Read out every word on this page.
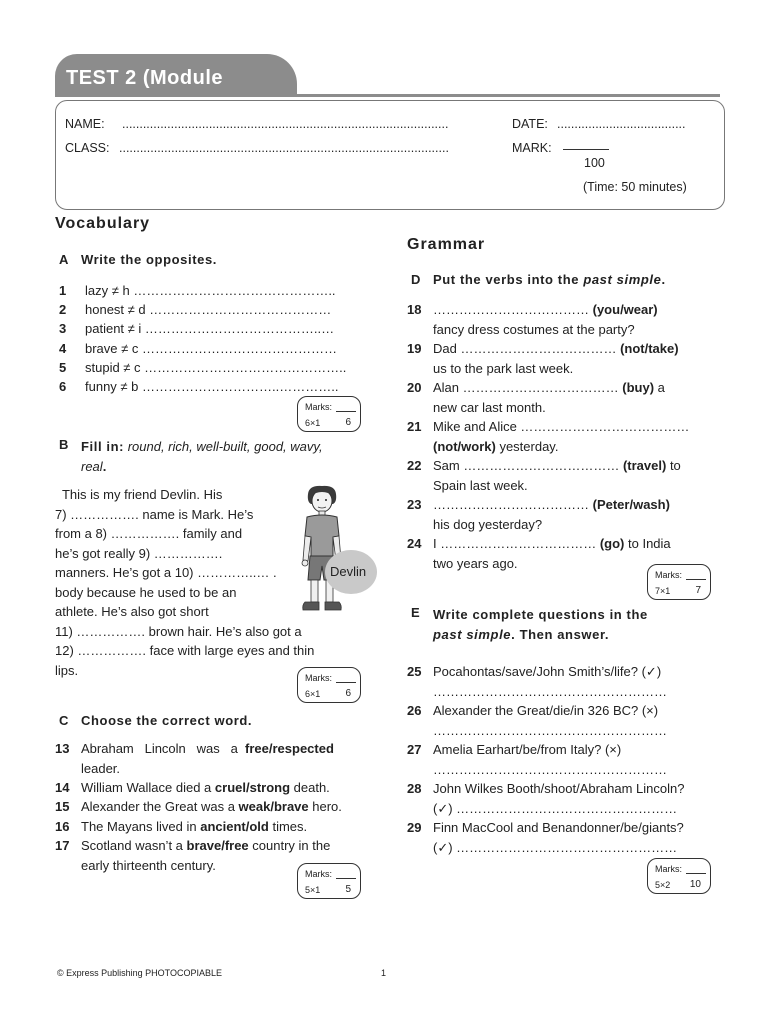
TEST 2 (Module
NAME: ..............................................................................................	DATE: .....................................
CLASS: ...............................................................................................	MARK:
100
(Time: 50 minutes)
Vocabulary
A Write the opposites.
1 lazy ≠ h ………………………………………..
2 honest ≠ d ……………………………………
3 patient ≠ i …………………………………..…
4 brave ≠ c ………………………………………
5 stupid ≠ c ………………………………………..
6 funny ≠ b …………………………..…………..
Marks:
6×1	6
B Fill in: round, rich, well-built, good, wavy,
real.
This is my friend Devlin. His
7) ……………. name is Mark. He’s
from a 8) ……………. family and
he’s got really 9) …………….
manners. He’s got a 10) …………..… .
body because he used to be an
athlete. He’s also got short
11) ……………. brown hair. He’s also got a
12) ……………. face with large eyes and thin
lips.
Devlin
Marks:
6×1	6
C Choose the correct word.
13 Abraham   Lincoln   was   a  free/respected
leader.
14 William Wallace died a cruel/strong death.
15 Alexander the Great was a weak/brave hero.
16 The Mayans lived in ancient/old times.
17 Scotland wasn’t a brave/free country in the
early thirteenth century.
Marks:
5×1	5
Grammar
D Put the verbs into the past simple.
18 ……………………………… (you/wear)
fancy dress costumes at the party?
19 Dad ……………………………… (not/take)
us to the park last week.
20 Alan ……………………………… (buy) a
new car last month.
21 Mike and Alice …………………………………
(not/work) yesterday.
22 Sam ……………………………… (travel) to
Spain last week.
23 ……………………………… (Peter/wash)
his dog yesterday?
24 I ……………………………… (go) to India
two years ago.
Marks:
7×1	7
E Write complete questions in the
past simple. Then answer.
25 Pocahontas/save/John Smith’s/life? (✓)
………………………………………………
26 Alexander the Great/die/in 326 BC? (×)
………………………………………………
27 Amelia Earhart/be/from Italy? (×)
………………………………………………
28 John Wilkes Booth/shoot/Abraham Lincoln?
(✓) ……………………………………………
29 Finn MacCool and Benandonner/be/giants?
(✓) ……………………………………………
Marks:
5×2 10
© Express Publishing PHOTOCOPIABLE	1
